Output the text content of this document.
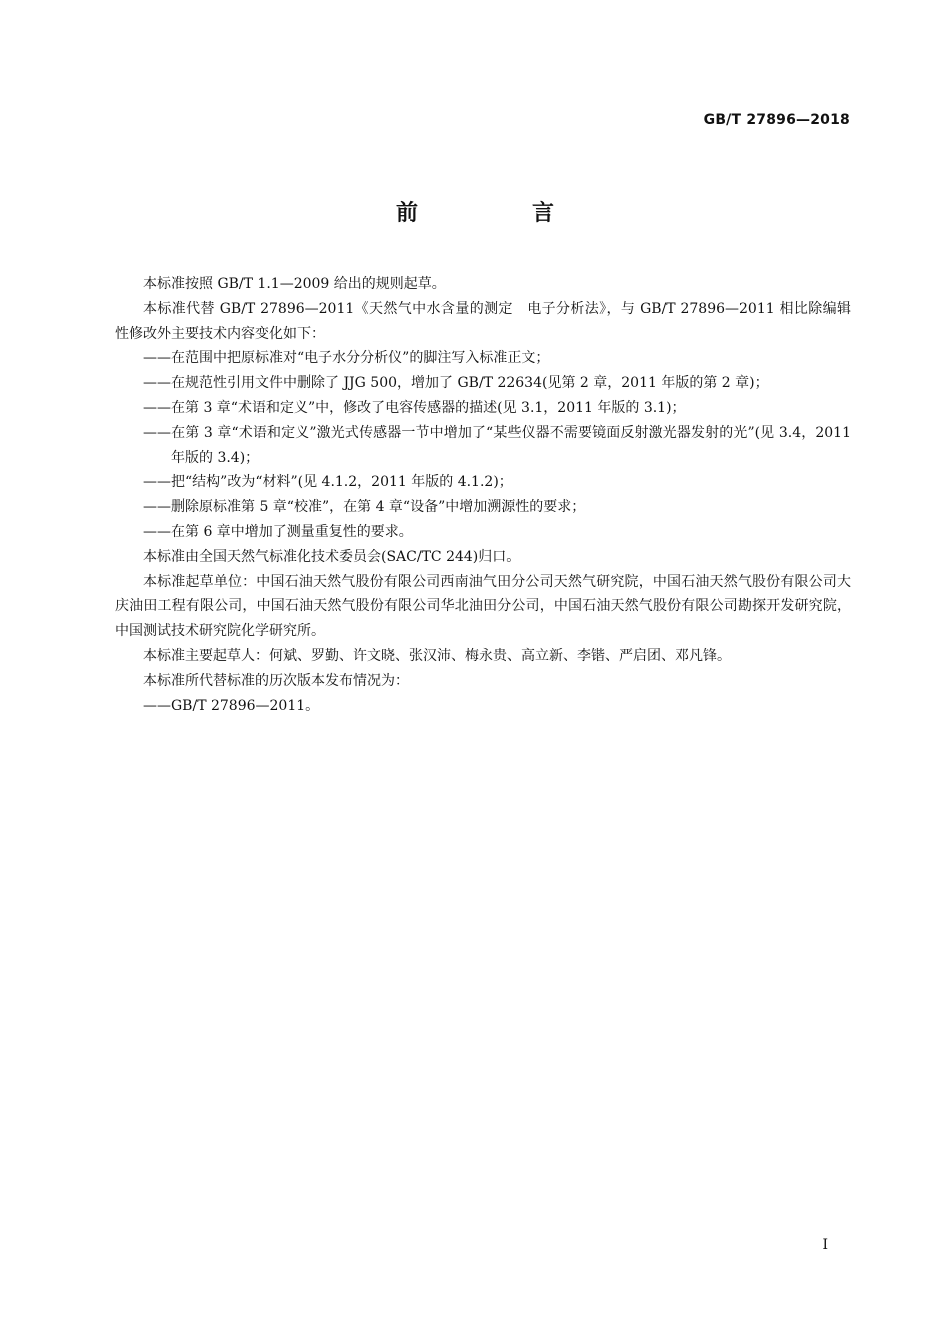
GB/T 27896—2018
前　言

本标准按照 GB/T 1.1—2009 给出的规则起草。

本标准代替 GB/T 27896—2011《天然气中水含量的测定　电子分析法》，与 GB/T 27896—2011 相比除编辑性修改外主要技术内容变化如下：

——在范围中把原标准对“电子水分分析仪”的脚注写入标准正文；

——在规范性引用文件中删除了 JJG 500，增加了 GB/T 22634(见第 2 章，2011 年版的第 2 章)；

——在第 3 章“术语和定义”中，修改了电容传感器的描述(见 3.1，2011 年版的 3.1)；

——在第 3 章“术语和定义”激光式传感器一节中增加了“某些仪器不需要镜面反射激光器发射的光”(见 3.4，2011 年版的 3.4)；

——把“结构”改为“材料”(见 4.1.2，2011 年版的 4.1.2)；

——删除原标准第 5 章“校准”，在第 4 章“设备”中增加溯源性的要求；

——在第 6 章中增加了测量重复性的要求。

本标准由全国天然气标准化技术委员会(SAC/TC 244)归口。

本标准起草单位：中国石油天然气股份有限公司西南油气田分公司天然气研究院，中国石油天然气股份有限公司大庆油田工程有限公司，中国石油天然气股份有限公司华北油田分公司，中国石油天然气股份有限公司勘探开发研究院，中国测试技术研究院化学研究所。

本标准主要起草人：何斌、罗勤、许文晓、张汉沛、梅永贵、高立新、李锴、严启团、邓凡锋。

本标准所代替标准的历次版本发布情况为：

——GB/T 27896—2011。

I
